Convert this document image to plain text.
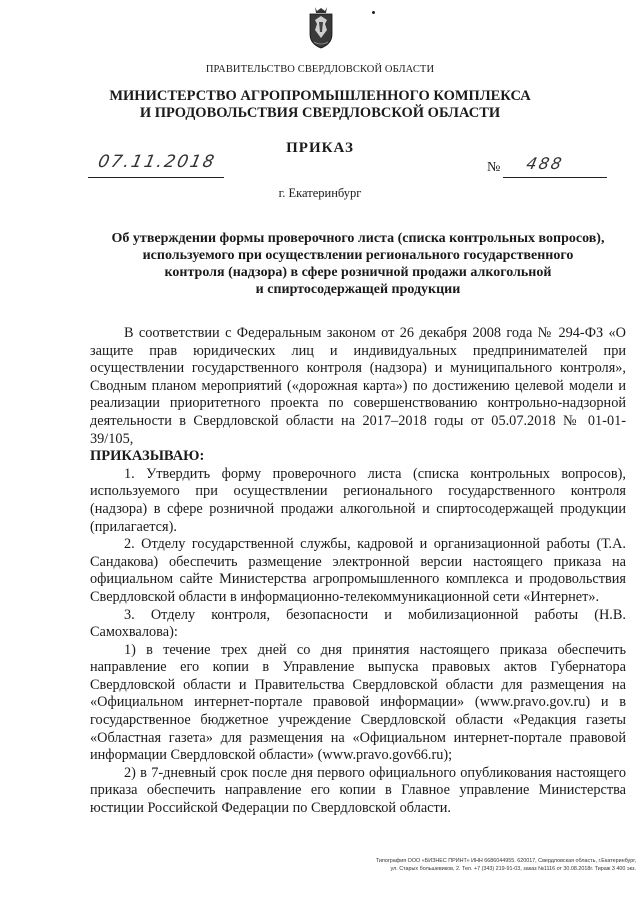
ПРАВИТЕЛЬСТВО СВЕРДЛОВСКОЙ ОБЛАСТИ
МИНИСТЕРСТВО АГРОПРОМЫШЛЕННОГО КОМПЛЕКСА
И ПРОДОВОЛЬСТВИЯ СВЕРДЛОВСКОЙ ОБЛАСТИ
ПРИКАЗ
07.11.2018	№	488
г. Екатеринбург
Об утверждении формы проверочного листа (списка контрольных вопросов),
используемого при осуществлении регионального государственного
контроля (надзора) в сфере розничной продажи алкогольной
и спиртосодержащей продукции

В соответствии с Федеральным законом от 26 декабря 2008 года № 294-ФЗ «О защите прав юридических лиц и индивидуальных предпринимателей при осуществлении государственного контроля (надзора) и муниципального контроля», Сводным планом мероприятий («дорожная карта») по достижению целевой модели и реализации приоритетного проекта по совершенствованию контрольно-надзорной деятельности в Свердловской области на 2017–2018 годы от 05.07.2018 № 01-01-39/105,

ПРИКАЗЫВАЮ:

1. Утвердить форму проверочного листа (списка контрольных вопросов), используемого при осуществлении регионального государственного контроля (надзора) в сфере розничной продажи алкогольной и спиртосодержащей продукции (прилагается).

2. Отделу государственной службы, кадровой и организационной работы (Т.А. Сандакова) обеспечить размещение электронной версии настоящего приказа на официальном сайте Министерства агропромышленного комплекса и продовольствия Свердловской области в информационно-телекоммуникационной сети «Интернет».

3. Отделу контроля, безопасности и мобилизационной работы (Н.В. Самохвалова):

1) в течение трех дней со дня принятия настоящего приказа обеспечить направление его копии в Управление выпуска правовых актов Губернатора Свердловской области и Правительства Свердловской области для размещения на «Официальном интернет-портале правовой информации» (www.pravo.gov.ru) и в государственное бюджетное учреждение Свердловской области «Редакция газеты «Областная газета» для размещения на «Официальном интернет-портале правовой информации Свердловской области» (www.pravo.gov66.ru);

2) в 7-дневный срок после дня первого официального опубликования настоящего приказа обеспечить направление его копии в Главное управление Министерства юстиции Российской Федерации по Свердловской области.

Типография ООО «БИЗНЕС ПРИНТ» ИНН 6686044955. 620017, Свердловская область, г.Екатеринбург,
ул. Старых большевиков, 2. Тел. +7 (343) 219-91-03, заказ №1116 от 30.08.2018г. Тираж 3 400 экз.
